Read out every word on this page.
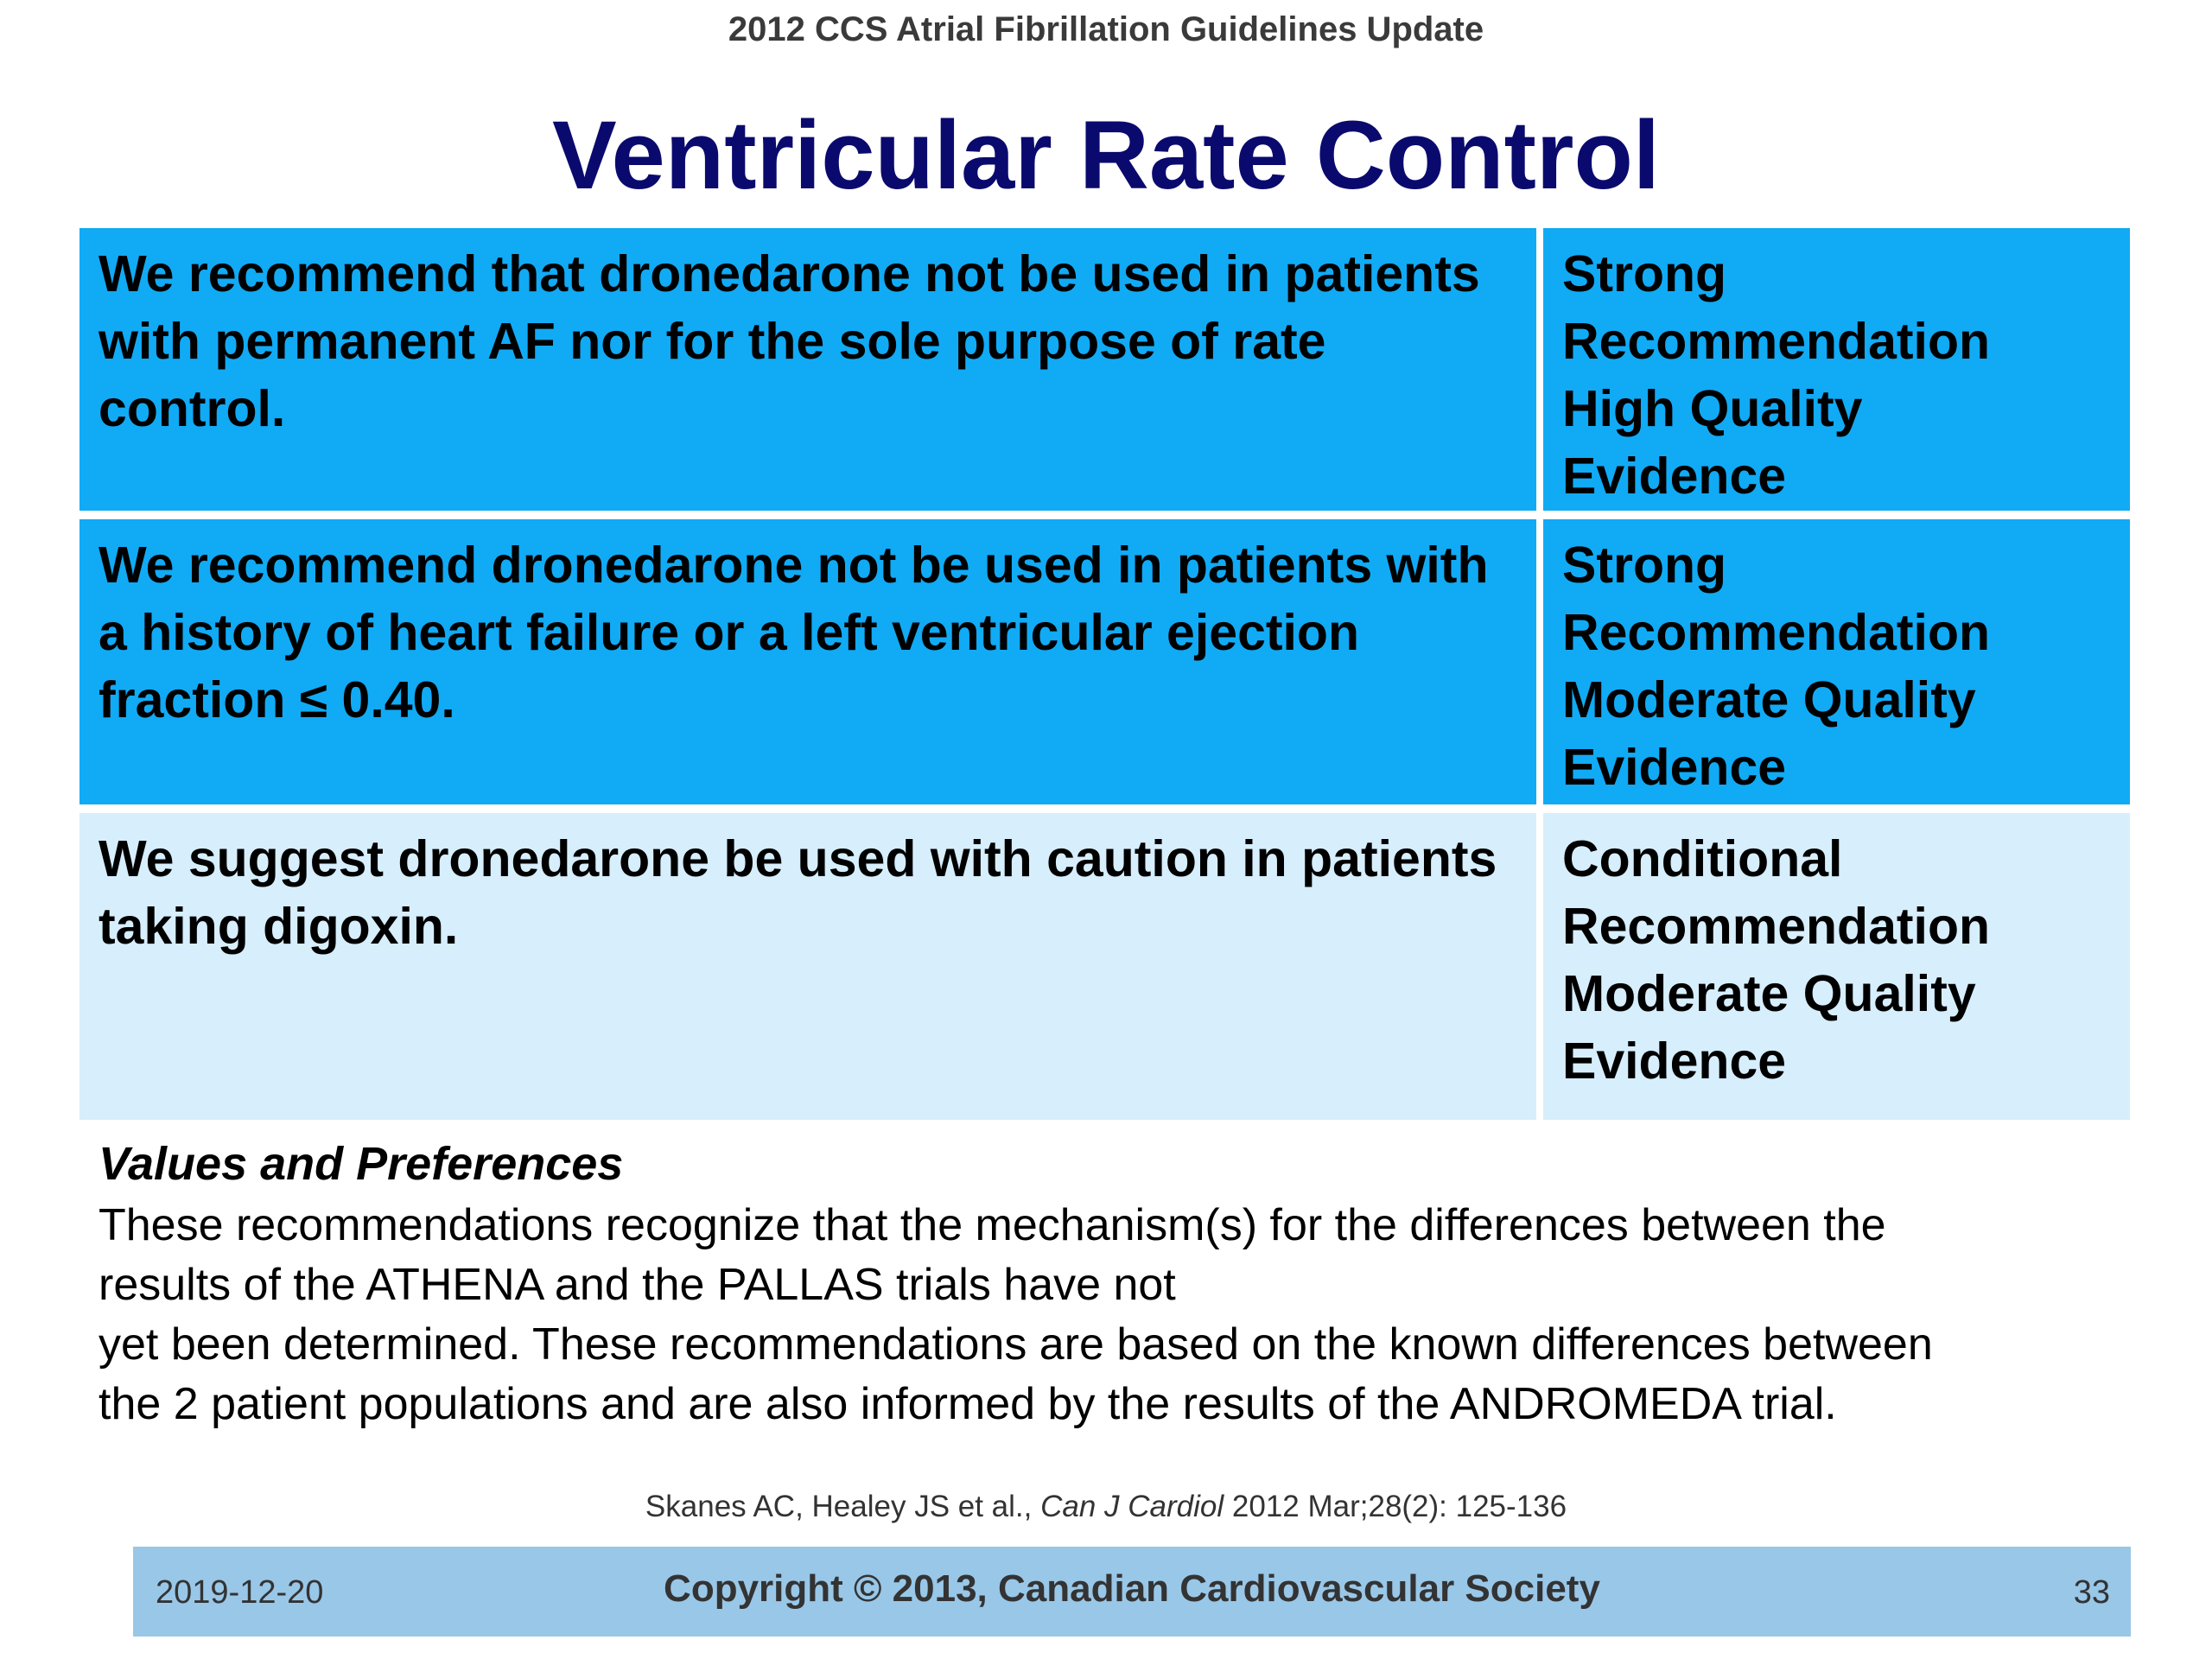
2012 CCS Atrial Fibrillation Guidelines Update
Ventricular Rate Control
We recommend that dronedarone not be used in patients with permanent AF nor for the sole purpose of rate control.
Strong
Recommendation
High Quality
Evidence
We recommend dronedarone not be used in patients with a history of heart failure or a left ventricular ejection fraction ≤ 0.40.
Strong
Recommendation
Moderate Quality
Evidence
We suggest dronedarone be used with caution in patients taking digoxin.
Conditional
Recommendation
Moderate Quality
Evidence
Values and Preferences
These recommendations recognize that the mechanism(s) for the differences between the
results of the ATHENA and the PALLAS trials have not
yet been determined. These recommendations are based on the known differences between
the 2 patient populations and are also informed by the results of the ANDROMEDA trial.
Skanes AC, Healey JS et al., Can J Cardiol 2012 Mar;28(2): 125-136
2019-12-20	Copyright © 2013, Canadian Cardiovascular Society	33
